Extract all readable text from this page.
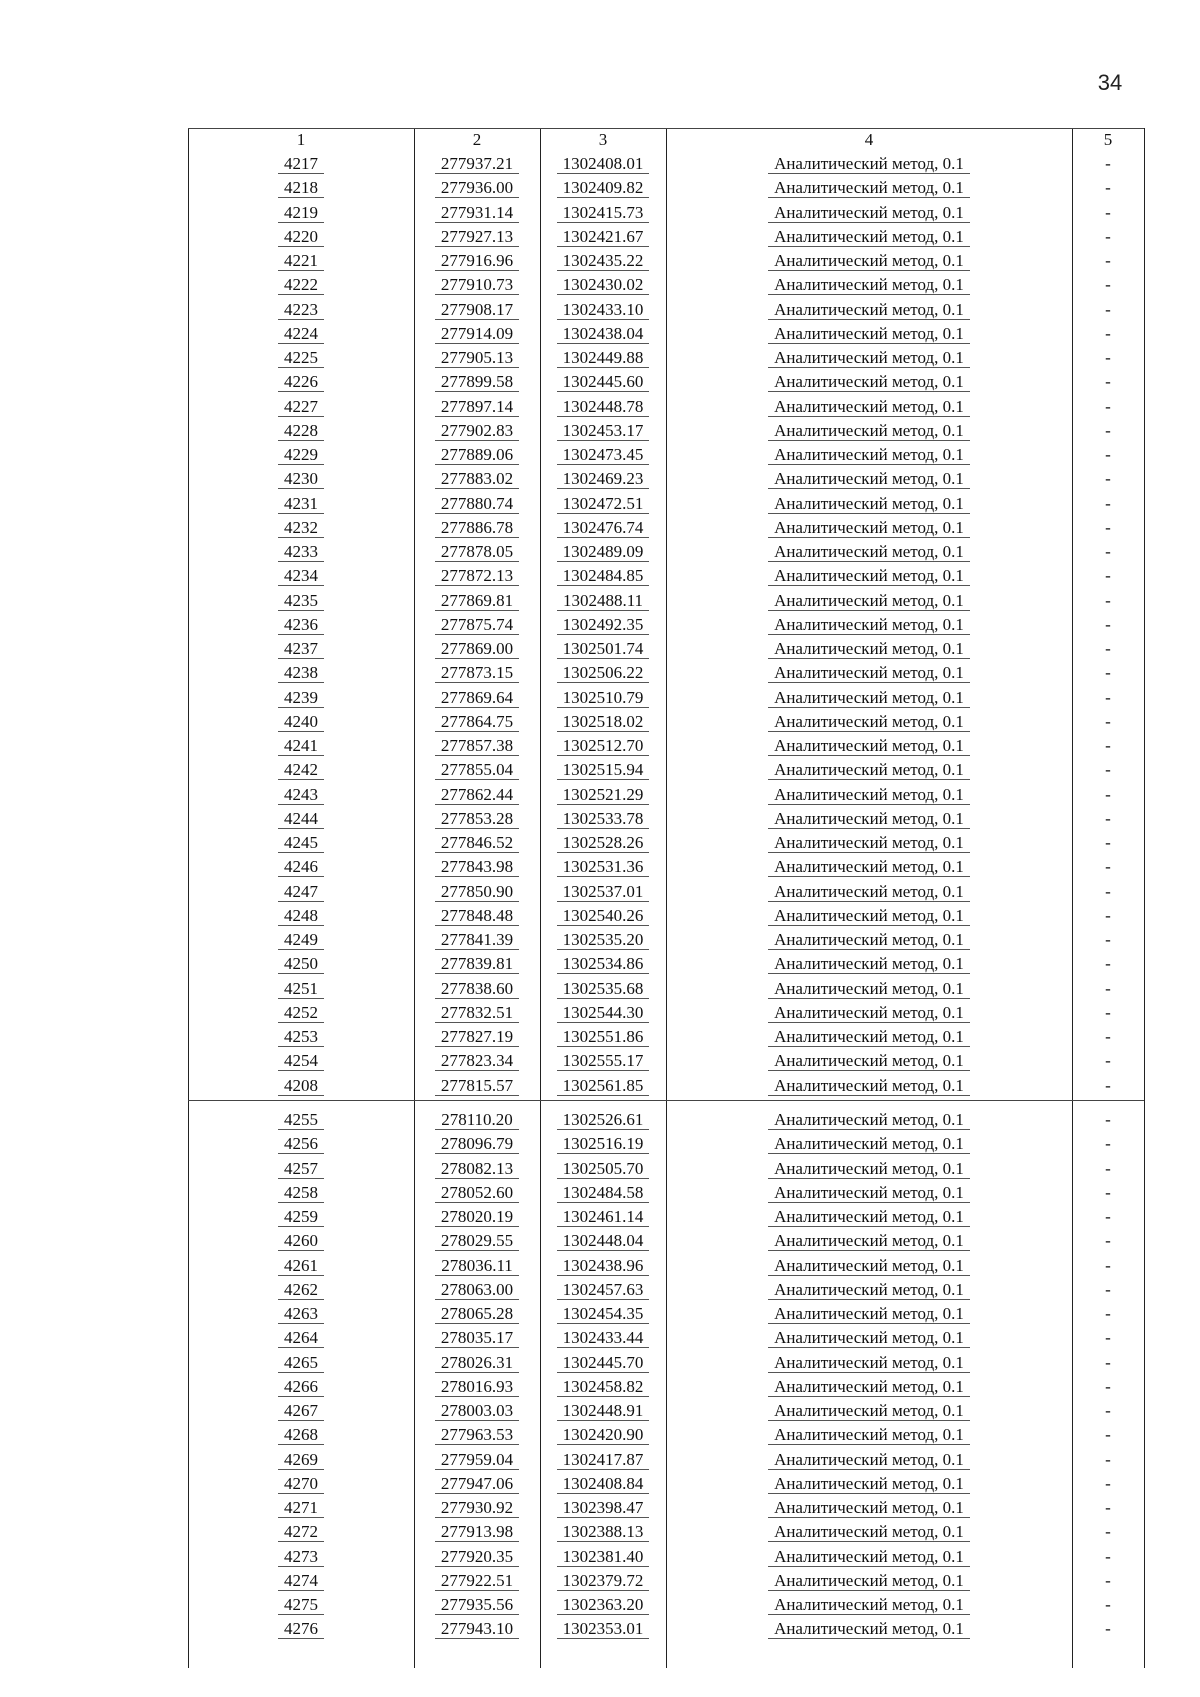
34
1	2	3	4	5
4217	277937.21	1302408.01	Аналитический метод, 0.1	-
4218	277936.00	1302409.82	Аналитический метод, 0.1	-
4219	277931.14	1302415.73	Аналитический метод, 0.1	-
4220	277927.13	1302421.67	Аналитический метод, 0.1	-
4221	277916.96	1302435.22	Аналитический метод, 0.1	-
4222	277910.73	1302430.02	Аналитический метод, 0.1	-
4223	277908.17	1302433.10	Аналитический метод, 0.1	-
4224	277914.09	1302438.04	Аналитический метод, 0.1	-
4225	277905.13	1302449.88	Аналитический метод, 0.1	-
4226	277899.58	1302445.60	Аналитический метод, 0.1	-
4227	277897.14	1302448.78	Аналитический метод, 0.1	-
4228	277902.83	1302453.17	Аналитический метод, 0.1	-
4229	277889.06	1302473.45	Аналитический метод, 0.1	-
4230	277883.02	1302469.23	Аналитический метод, 0.1	-
4231	277880.74	1302472.51	Аналитический метод, 0.1	-
4232	277886.78	1302476.74	Аналитический метод, 0.1	-
4233	277878.05	1302489.09	Аналитический метод, 0.1	-
4234	277872.13	1302484.85	Аналитический метод, 0.1	-
4235	277869.81	1302488.11	Аналитический метод, 0.1	-
4236	277875.74	1302492.35	Аналитический метод, 0.1	-
4237	277869.00	1302501.74	Аналитический метод, 0.1	-
4238	277873.15	1302506.22	Аналитический метод, 0.1	-
4239	277869.64	1302510.79	Аналитический метод, 0.1	-
4240	277864.75	1302518.02	Аналитический метод, 0.1	-
4241	277857.38	1302512.70	Аналитический метод, 0.1	-
4242	277855.04	1302515.94	Аналитический метод, 0.1	-
4243	277862.44	1302521.29	Аналитический метод, 0.1	-
4244	277853.28	1302533.78	Аналитический метод, 0.1	-
4245	277846.52	1302528.26	Аналитический метод, 0.1	-
4246	277843.98	1302531.36	Аналитический метод, 0.1	-
4247	277850.90	1302537.01	Аналитический метод, 0.1	-
4248	277848.48	1302540.26	Аналитический метод, 0.1	-
4249	277841.39	1302535.20	Аналитический метод, 0.1	-
4250	277839.81	1302534.86	Аналитический метод, 0.1	-
4251	277838.60	1302535.68	Аналитический метод, 0.1	-
4252	277832.51	1302544.30	Аналитический метод, 0.1	-
4253	277827.19	1302551.86	Аналитический метод, 0.1	-
4254	277823.34	1302555.17	Аналитический метод, 0.1	-
4208	277815.57	1302561.85	Аналитический метод, 0.1	-
4255	278110.20	1302526.61	Аналитический метод, 0.1	-
4256	278096.79	1302516.19	Аналитический метод, 0.1	-
4257	278082.13	1302505.70	Аналитический метод, 0.1	-
4258	278052.60	1302484.58	Аналитический метод, 0.1	-
4259	278020.19	1302461.14	Аналитический метод, 0.1	-
4260	278029.55	1302448.04	Аналитический метод, 0.1	-
4261	278036.11	1302438.96	Аналитический метод, 0.1	-
4262	278063.00	1302457.63	Аналитический метод, 0.1	-
4263	278065.28	1302454.35	Аналитический метод, 0.1	-
4264	278035.17	1302433.44	Аналитический метод, 0.1	-
4265	278026.31	1302445.70	Аналитический метод, 0.1	-
4266	278016.93	1302458.82	Аналитический метод, 0.1	-
4267	278003.03	1302448.91	Аналитический метод, 0.1	-
4268	277963.53	1302420.90	Аналитический метод, 0.1	-
4269	277959.04	1302417.87	Аналитический метод, 0.1	-
4270	277947.06	1302408.84	Аналитический метод, 0.1	-
4271	277930.92	1302398.47	Аналитический метод, 0.1	-
4272	277913.98	1302388.13	Аналитический метод, 0.1	-
4273	277920.35	1302381.40	Аналитический метод, 0.1	-
4274	277922.51	1302379.72	Аналитический метод, 0.1	-
4275	277935.56	1302363.20	Аналитический метод, 0.1	-
4276	277943.10	1302353.01	Аналитический метод, 0.1	-
